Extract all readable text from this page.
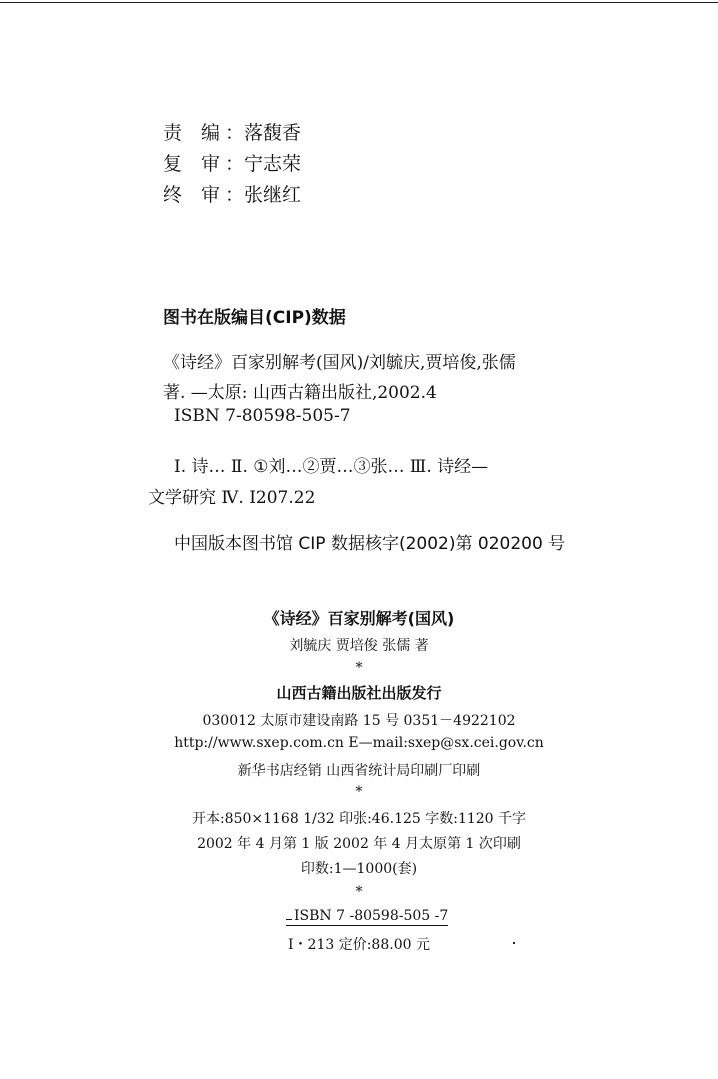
责　 编 ：落馥香
复　 审 ：宁志荣
终　 审 ：张继红
图书在版编目(CIP)数据
《诗经》百家别解考(国风)/刘毓庆,贾培俊,张儒
著. —太原: 山西古籍出版社,2002.4
ISBN 7-80598-505-7
Ⅰ. 诗… Ⅱ. ①刘…②贾…③张… Ⅲ. 诗经—
文学研究 Ⅳ. I207.22
中国版本图书馆 CIP 数据核字(2002)第 020200 号
《诗经》百家别解考(国风)
刘毓庆 贾培俊 张儒 著
*
山西古籍出版社出版发行
030012 太原市建设南路 15 号 0351－4922102
http://www.sxep.com.cn E—mail:sxep@sx.cei.gov.cn
新华书店经销 山西省统计局印刷厂印刷
*
开本:850×1168 1/32 印张:46.125 字数:1120 千字
2002 年 4 月第 1 版 2002 年 4 月太原第 1 次印刷
印数:1—1000(套)
*
ISBN 7 -80598-505 -7
I・213 定价:88.00 元
